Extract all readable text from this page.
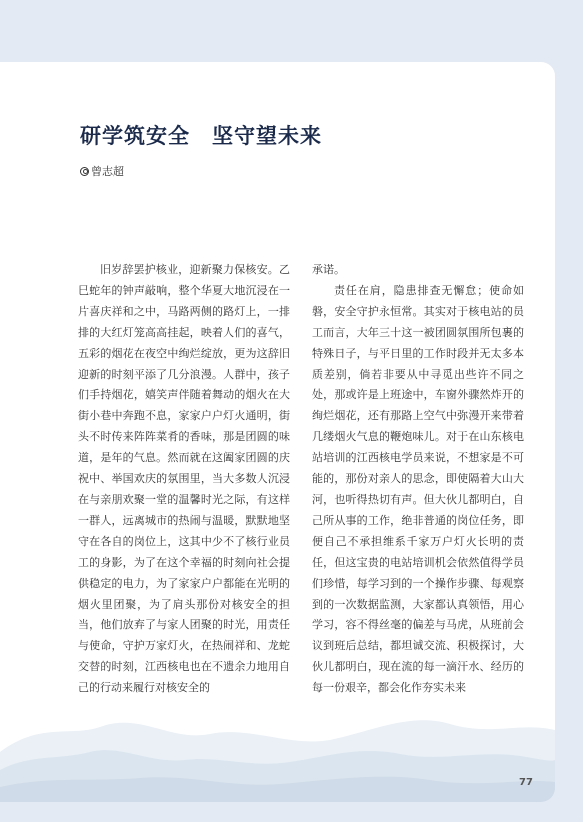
研学筑安全　坚守望未来
曾志超

旧岁辞罢护核业，迎新聚力保核安。乙巳蛇年的钟声敲响，整个华夏大地沉浸在一片喜庆祥和之中，马路两侧的路灯上，一排排的大红灯笼高高挂起，映着人们的喜气，五彩的烟花在夜空中绚烂绽放，更为这辞旧迎新的时刻平添了几分浪漫。人群中，孩子们手持烟花，嬉笑声伴随着舞动的烟火在大街小巷中奔跑不息，家家户户灯火通明，街头不时传来阵阵菜肴的香味，那是团圆的味道，是年的气息。然而就在这阖家团圆的庆祝中、举国欢庆的氛围里，当大多数人沉浸在与亲朋欢聚一堂的温馨时光之际，有这样一群人，远离城市的热闹与温暖，默默地坚守在各自的岗位上，这其中少不了核行业员工的身影，为了在这个幸福的时刻向社会提供稳定的电力，为了家家户户都能在光明的烟火里团聚，为了肩头那份对核安全的担当，他们放弃了与家人团聚的时光，用责任与使命，守护万家灯火，在热闹祥和、龙蛇交替的时刻，江西核电也在不遗余力地用自己的行动来履行对核安全的

承诺。

责任在肩，隐患排查无懈怠；使命如磐，安全守护永恒常。其实对于核电站的员工而言，大年三十这一被团圆氛围所包裹的特殊日子，与平日里的工作时段并无太多本质差别，倘若非要从中寻觅出些许不同之处，那或许是上班途中，车窗外骤然炸开的绚烂烟花，还有那路上空气中弥漫开来带着几缕烟火气息的鞭炮味儿。对于在山东核电站培训的江西核电学员来说，不想家是不可能的，那份对亲人的思念，即使隔着大山大河，也听得热切有声。但大伙儿都明白，自己所从事的工作，绝非普通的岗位任务，即便自己不承担维系千家万户灯火长明的责任，但这宝贵的电站培训机会依然值得学员们珍惜，每学习到的一个操作步骤、每观察到的一次数据监测，大家都认真领悟，用心学习，容不得丝毫的偏差与马虎，从班前会议到班后总结，都坦诚交流、积极探讨，大伙儿都明白，现在流的每一滴汗水、经历的每一份艰辛，都会化作夯实未来

77
